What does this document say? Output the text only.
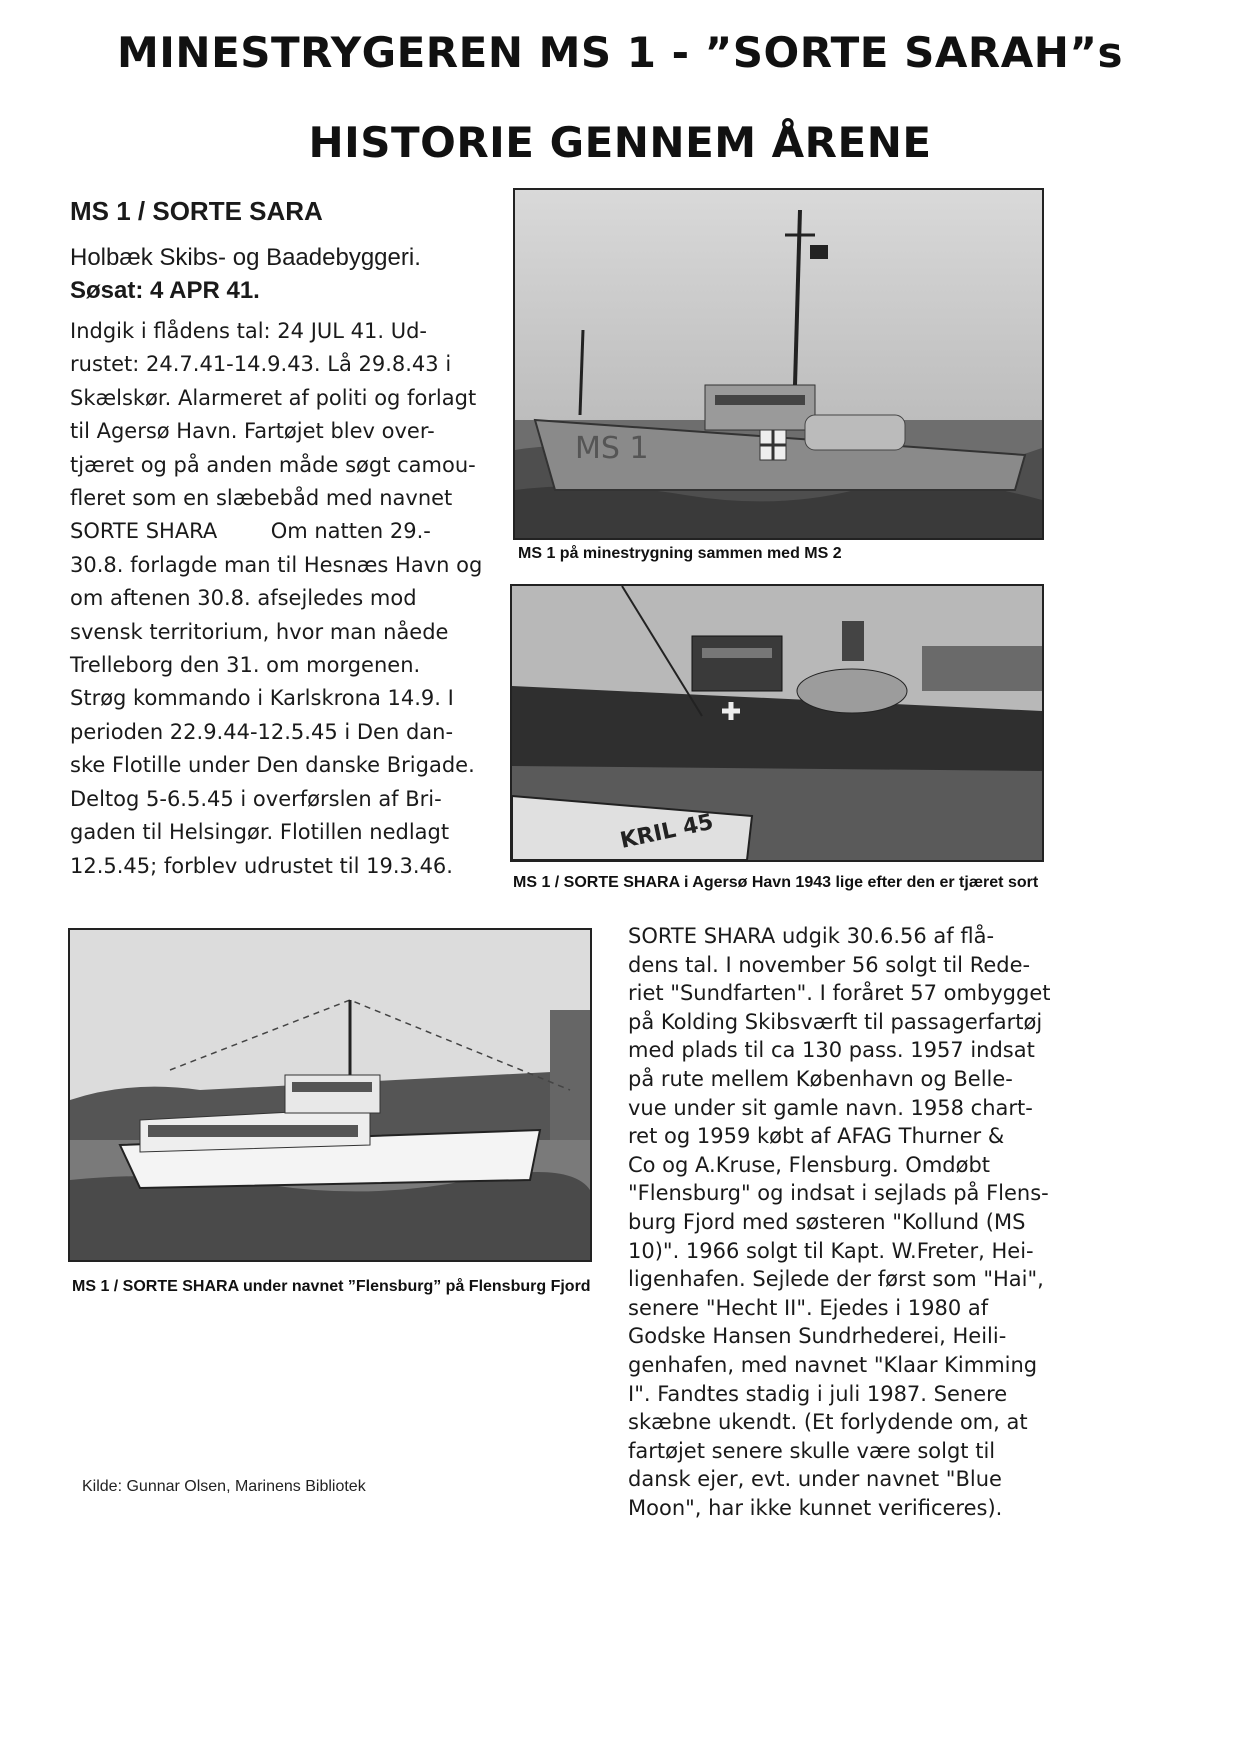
MINESTRYGEREN MS 1 - ”SORTE SARAH”s
HISTORIE GENNEM ÅRENE
MS 1 / SORTE SARA
Holbæk Skibs- og Baadebyggeri.
Søsat: 4 APR 41.
Indgik i flådens tal: 24 JUL 41. Ud-
rustet: 24.7.41-14.9.43. Lå 29.8.43 i
Skælskør. Alarmeret af politi og forlagt
til Agersø Havn. Fartøjet blev over-
tjæret og på anden måde søgt camou-
fleret som en slæbebåd med navnet
SORTE SHARA        Om natten 29.-
30.8. forlagde man til Hesnæs Havn og
om aftenen 30.8. afsejledes mod
svensk territorium, hvor man nåede
Trelleborg den 31. om morgenen.
Strøg kommando i Karlskrona 14.9. I
perioden 22.9.44-12.5.45 i Den dan-
ske Flotille under Den danske Brigade.
Deltog 5-6.5.45 i overførslen af Bri-
gaden til Helsingør. Flotillen nedlagt
12.5.45; forblev udrustet til 19.3.46.
MS 1
MS 1 på minestrygning sammen med MS 2
KRIL 45
MS 1 / SORTE SHARA i Agersø Havn 1943 lige efter den er tjæret sort
MS 1 / SORTE SHARA under navnet ”Flensburg” på Flensburg Fjord
SORTE SHARA udgik 30.6.56 af flå-
dens tal. I november 56 solgt til Rede-
riet "Sundfarten". I foråret 57 ombygget
på Kolding Skibsværft til passagerfartøj
med plads til ca 130 pass. 1957 indsat
på rute mellem København og Belle-
vue under sit gamle navn. 1958 chart-
ret og 1959 købt af AFAG Thurner &
Co og A.Kruse, Flensburg. Omdøbt
"Flensburg" og indsat i sejlads på Flens-
burg Fjord med søsteren "Kollund (MS
10)". 1966 solgt til Kapt. W.Freter, Hei-
ligenhafen. Sejlede der først som "Hai",
senere "Hecht II". Ejedes i 1980 af
Godske Hansen Sundrhederei, Heili-
genhafen, med navnet "Klaar Kimming
I". Fandtes stadig i juli 1987. Senere
skæbne ukendt. (Et forlydende om, at
fartøjet senere skulle være solgt til
dansk ejer, evt. under navnet "Blue
Moon", har ikke kunnet verificeres).
Kilde: Gunnar Olsen, Marinens Bibliotek
